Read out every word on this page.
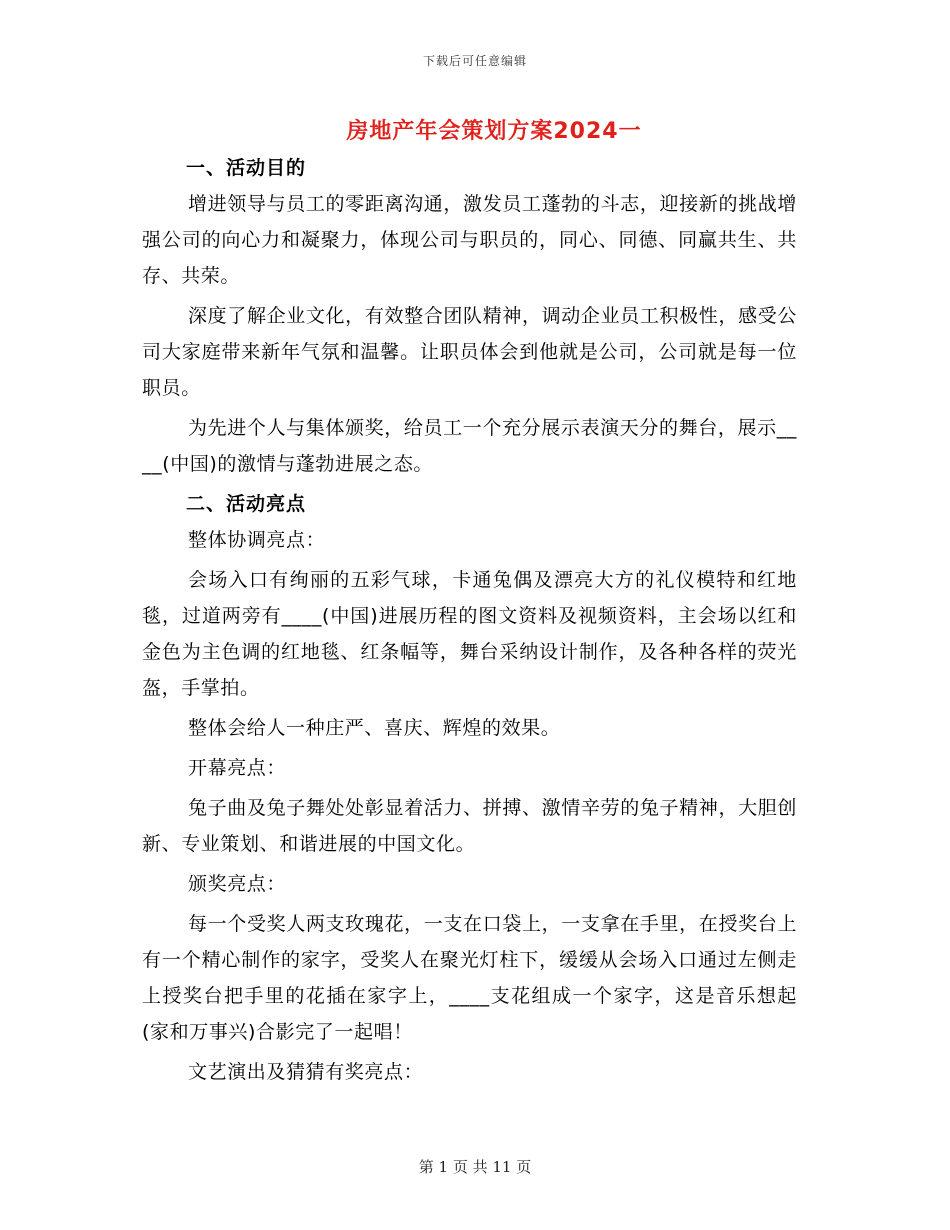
下载后可任意编辑
房地产年会策划方案2024一
一、活动目的

增进领导与员工的零距离沟通，激发员工蓬勃的斗志，迎接新的挑战增强公司的向心力和凝聚力，体现公司与职员的，同心、同德、同赢共生、共存、共荣。

深度了解企业文化，有效整合团队精神，调动企业员工积极性，感受公司大家庭带来新年气氛和温馨。让职员体会到他就是公司，公司就是每一位职员。

为先进个人与集体颁奖，给员工一个充分展示表演天分的舞台，展示____(中国)的激情与蓬勃进展之态。

二、活动亮点

整体协调亮点：

会场入口有绚丽的五彩气球，卡通兔偶及漂亮大方的礼仪模特和红地毯，过道两旁有____(中国)进展历程的图文资料及视频资料，主会场以红和金色为主色调的红地毯、红条幅等，舞台采纳设计制作，及各种各样的荧光盔，手掌拍。

整体会给人一种庄严、喜庆、辉煌的效果。

开幕亮点：

兔子曲及兔子舞处处彰显着活力、拼搏、激情辛劳的兔子精神，大胆创新、专业策划、和谐进展的中国文化。

颁奖亮点：

每一个受奖人两支玫瑰花，一支在口袋上，一支拿在手里，在授奖台上有一个精心制作的家字，受奖人在聚光灯柱下，缓缓从会场入口通过左侧走上授奖台把手里的花插在家字上，____支花组成一个家字，这是音乐想起(家和万事兴)合影完了一起唱！

文艺演出及猜猜有奖亮点：

第 1 页 共 11 页
